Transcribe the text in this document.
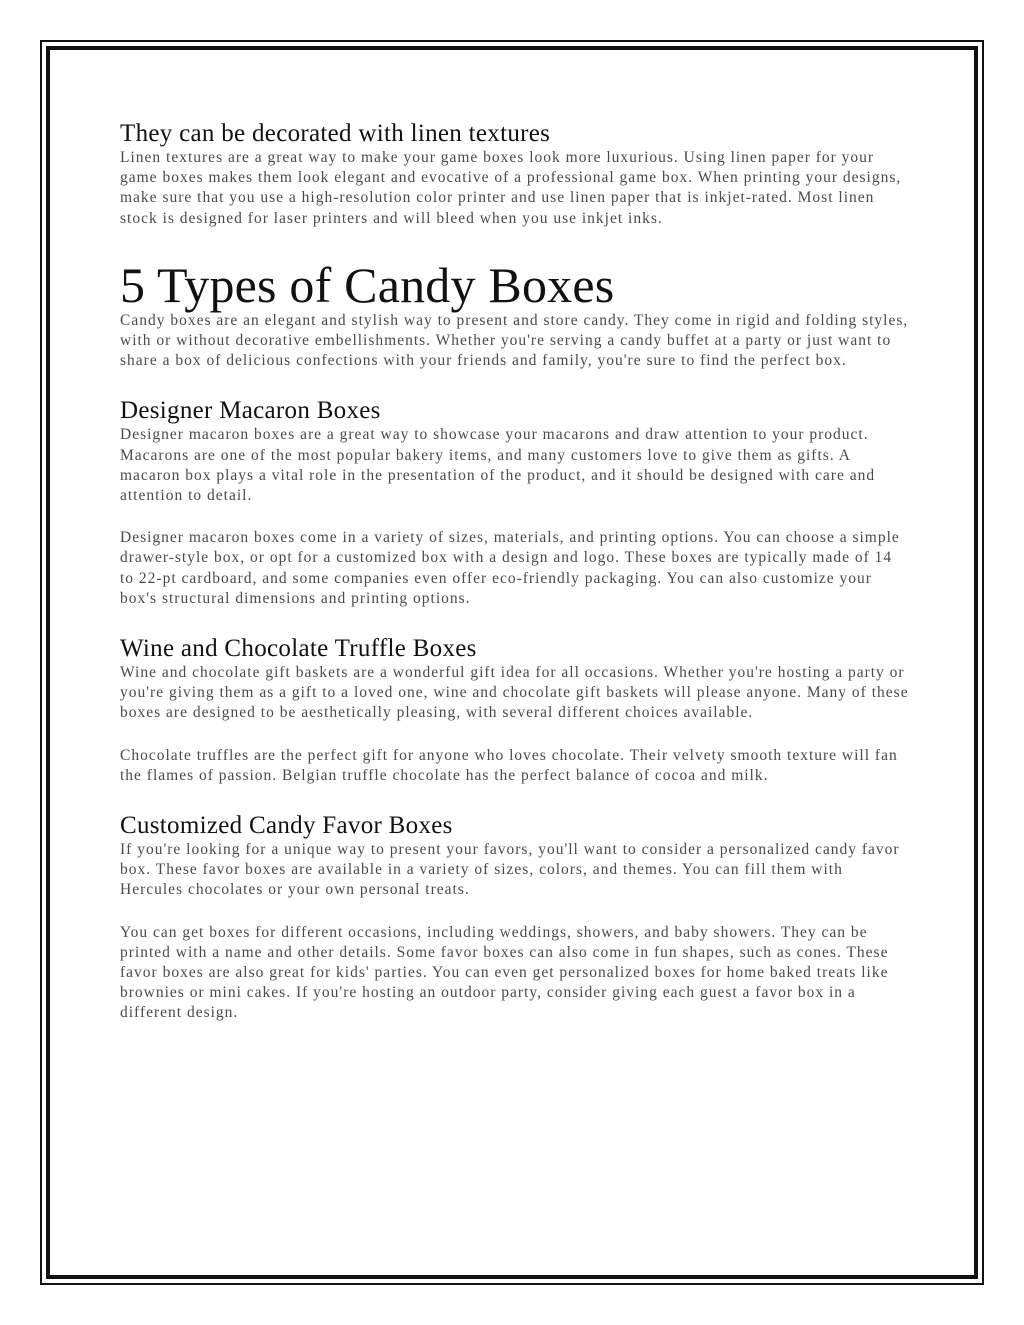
They can be decorated with linen textures

Linen textures are a great way to make your game boxes look more luxurious. Using linen paper for your game boxes makes them look elegant and evocative of a professional game box. When printing your designs, make sure that you use a high-resolution color printer and use linen paper that is inkjet-rated. Most linen stock is designed for laser printers and will bleed when you use inkjet inks.

5 Types of Candy Boxes

Candy boxes are an elegant and stylish way to present and store candy. They come in rigid and folding styles, with or without decorative embellishments. Whether you're serving a candy buffet at a party or just want to share a box of delicious confections with your friends and family, you're sure to find the perfect box.

Designer Macaron Boxes

Designer macaron boxes are a great way to showcase your macarons and draw attention to your product. Macarons are one of the most popular bakery items, and many customers love to give them as gifts. A macaron box plays a vital role in the presentation of the product, and it should be designed with care and attention to detail.

Designer macaron boxes come in a variety of sizes, materials, and printing options. You can choose a simple drawer-style box, or opt for a customized box with a design and logo. These boxes are typically made of 14 to 22-pt cardboard, and some companies even offer eco-friendly packaging. You can also customize your box's structural dimensions and printing options.

Wine and Chocolate Truffle Boxes

Wine and chocolate gift baskets are a wonderful gift idea for all occasions. Whether you're hosting a party or you're giving them as a gift to a loved one, wine and chocolate gift baskets will please anyone. Many of these boxes are designed to be aesthetically pleasing, with several different choices available.

Chocolate truffles are the perfect gift for anyone who loves chocolate. Their velvety smooth texture will fan the flames of passion. Belgian truffle chocolate has the perfect balance of cocoa and milk.

Customized Candy Favor Boxes

If you're looking for a unique way to present your favors, you'll want to consider a personalized candy favor box. These favor boxes are available in a variety of sizes, colors, and themes. You can fill them with Hercules chocolates or your own personal treats.

You can get boxes for different occasions, including weddings, showers, and baby showers. They can be printed with a name and other details. Some favor boxes can also come in fun shapes, such as cones. These favor boxes are also great for kids' parties. You can even get personalized boxes for home baked treats like brownies or mini cakes. If you're hosting an outdoor party, consider giving each guest a favor box in a different design.
